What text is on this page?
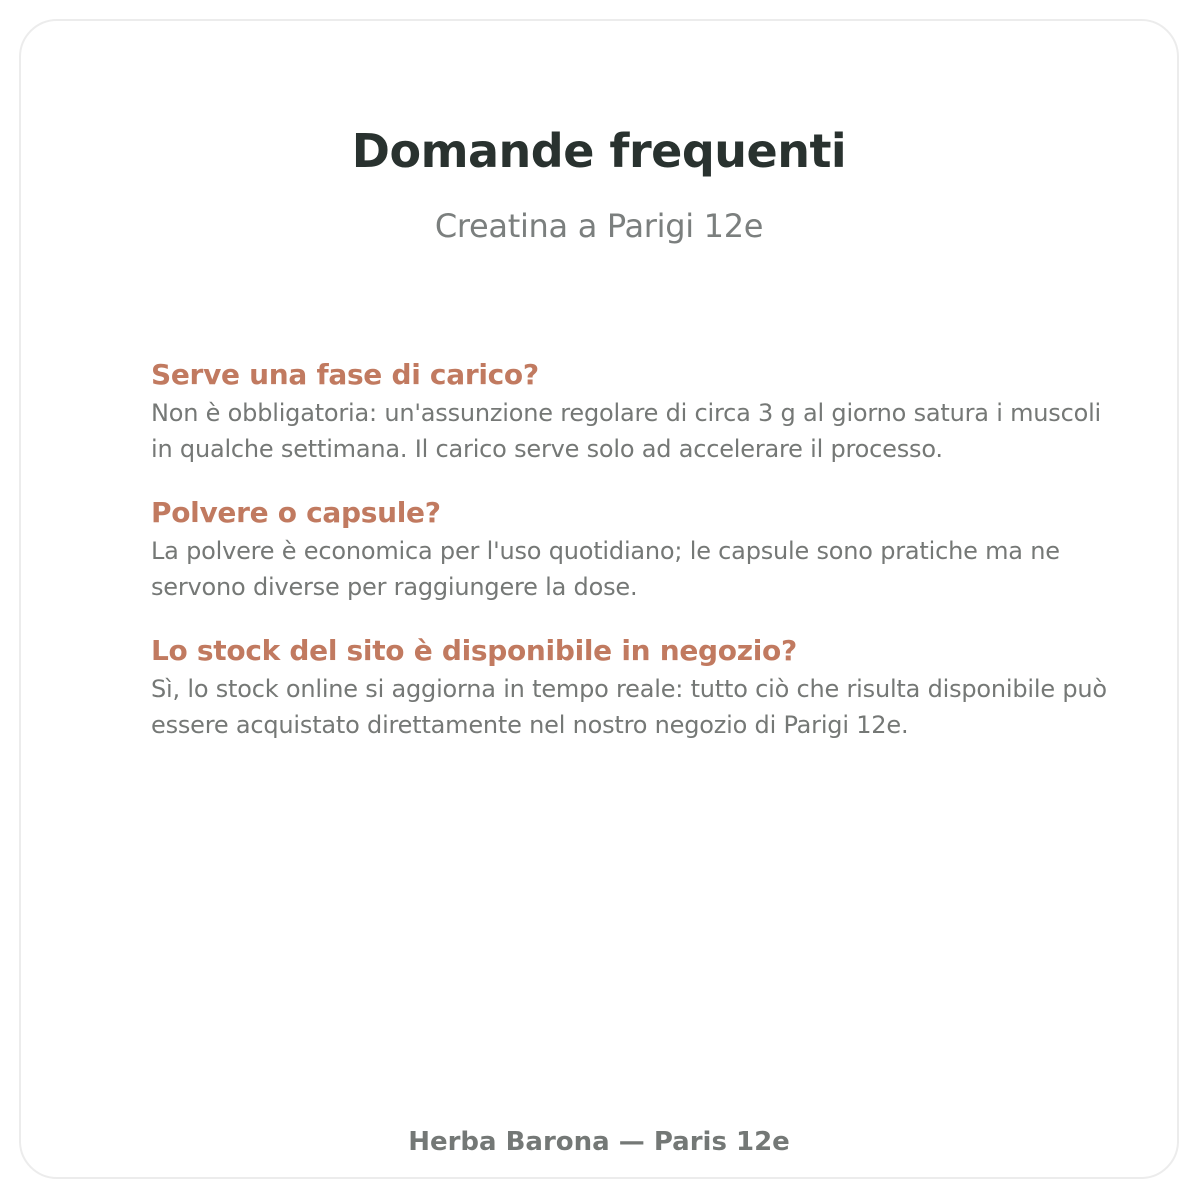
Domande frequenti

Creatina a Parigi 12e

Serve una fase di carico?

Non è obbligatoria: un'assunzione regolare di circa 3 g al giorno satura i muscoli in qualche settimana. Il carico serve solo ad accelerare il processo.

Polvere o capsule?

La polvere è economica per l'uso quotidiano; le capsule sono pratiche ma ne servono diverse per raggiungere la dose.

Lo stock del sito è disponibile in negozio?

Sì, lo stock online si aggiorna in tempo reale: tutto ciò che risulta disponibile può essere acquistato direttamente nel nostro negozio di Parigi 12e.

Herba Barona — Paris 12e
